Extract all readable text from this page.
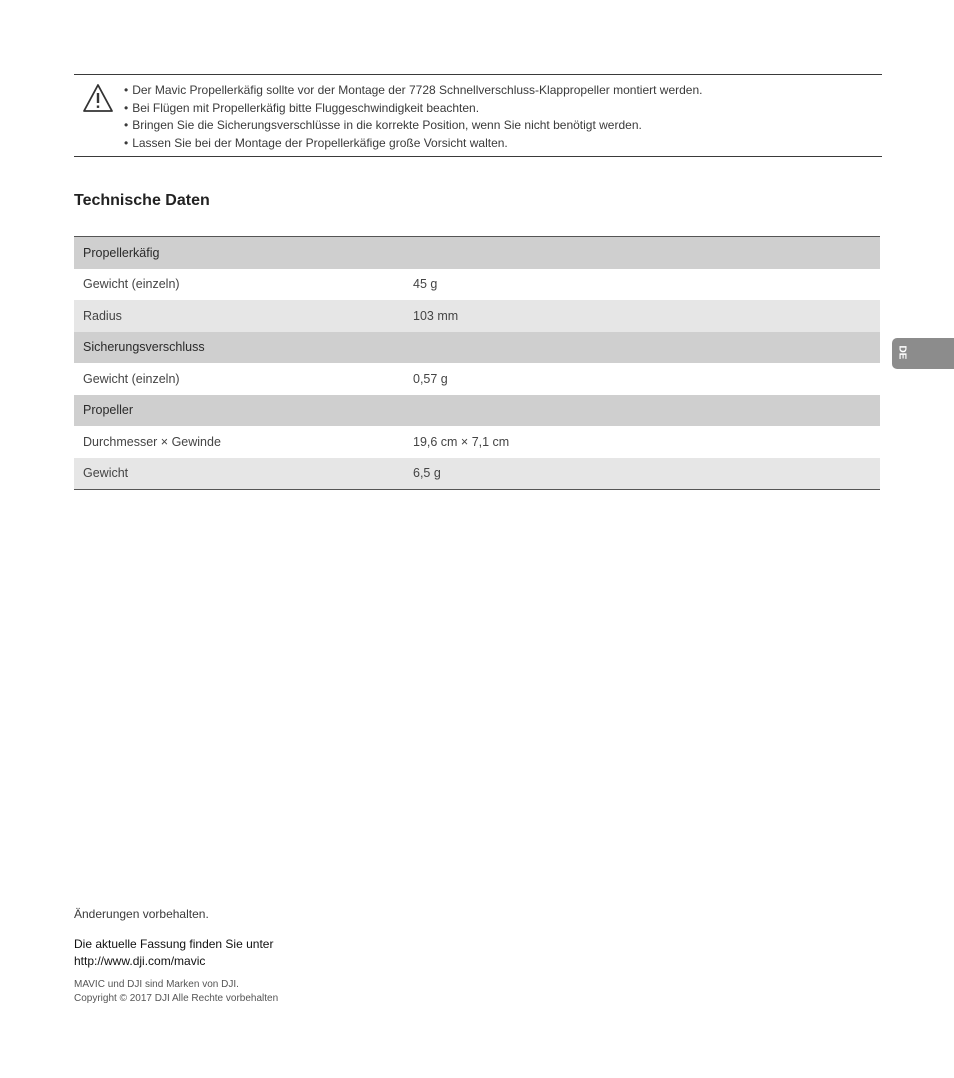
• Der Mavic Propellerkäfig sollte vor der Montage der 7728 Schnellverschluss-Klappropeller montiert werden.
• Bei Flügen mit Propellerkäfig bitte Fluggeschwindigkeit beachten.
• Bringen Sie die Sicherungsverschlüsse in die korrekte Position, wenn Sie nicht benötigt werden.
• Lassen Sie bei der Montage der Propellerkäfige große Vorsicht walten.
Technische Daten
Propellerkäfig
Gewicht (einzeln)	45 g
Radius	103 mm
Sicherungsverschluss
Gewicht (einzeln)	0,57 g
Propeller
Durchmesser × Gewinde	19,6 cm × 7,1 cm
Gewicht	6,5 g
DE

Änderungen vorbehalten.

Die aktuelle Fassung finden Sie unter
http://www.dji.com/mavic

MAVIC und DJI sind Marken von DJI.
Copyright © 2017 DJI Alle Rechte vorbehalten
